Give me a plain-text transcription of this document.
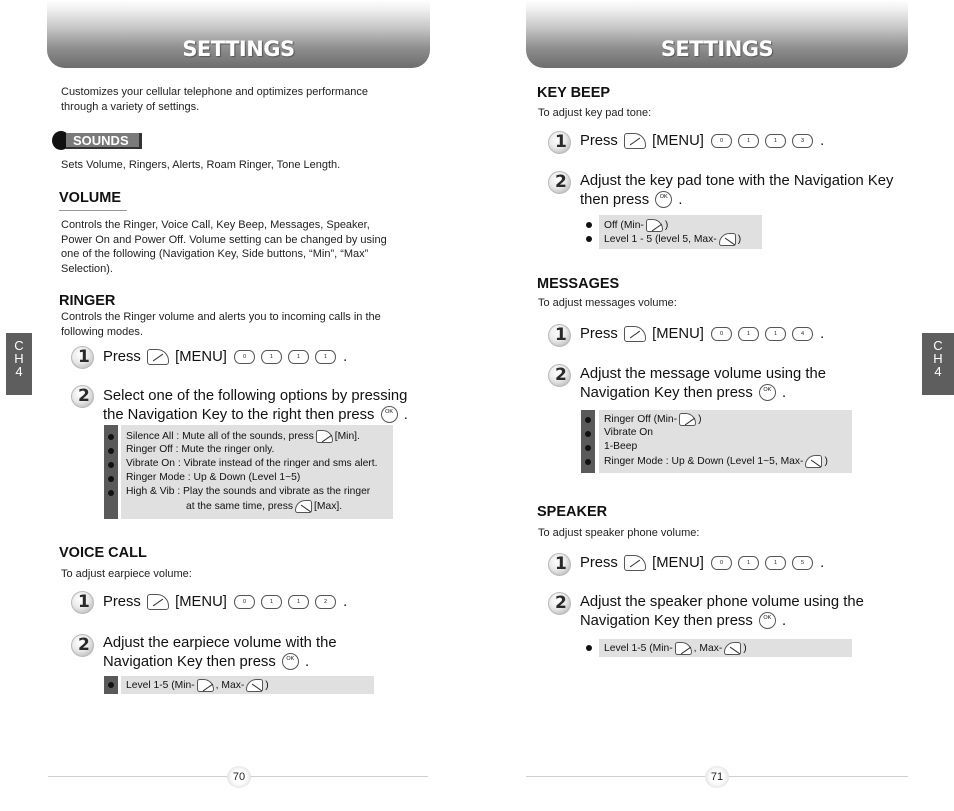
SETTINGS
Customizes your cellular telephone and optimizes performance
through a variety of settings.
SOUNDS
Sets Volume, Ringers, Alerts, Roam Ringer, Tone Length.
VOLUME
Controls the Ringer, Voice Call, Key Beep, Messages, Speaker,
Power On and Power Off. Volume setting can be changed by using
one of the following (Navigation Key, Side buttons, “Min”, “Max”
Selection).
RINGER
Controls the Ringer volume and alerts you to incoming calls in the
following modes.
1 Press [MENU]	0	1	1	1 .
2 Select one of the following options by pressing
the Navigation Key to the right then press OK .
Silence All : Mute all of the sounds, press [Min].
Ringer Off : Mute the ringer only.
Vibrate On : Vibrate instead of the ringer and sms alert.
Ringer Mode : Up & Down (Level 1~5)
High & Vib : Play the sounds and vibrate as the ringer
at the same time, press [Max].
VOICE CALL
To adjust earpiece volume:
1 Press [MENU]	0	1	1	2 .
2 Adjust the earpiece volume with the
Navigation Key then press OK .
Level 1-5 (Min- , Max- )
C
H
4
70
SETTINGS
KEY BEEP
To adjust key pad tone:
1 Press [MENU]	0	1	1	3 .
2 Adjust the key pad tone with the Navigation Key
then press OK .
Off (Min- )
Level 1 - 5 (level 5, Max- )
MESSAGES
To adjust messages volume:
1 Press [MENU]	0	1	1	4 .
2 Adjust the message volume using the
Navigation Key then press OK .
Ringer Off (Min- )
Vibrate On
1-Beep
Ringer Mode : Up & Down (Level 1~5, Max- )
SPEAKER
To adjust speaker phone volume:
1 Press [MENU]	0	1	1	5 .
2 Adjust the speaker phone volume using the
Navigation Key then press OK .
Level 1-5 (Min- , Max- )
C
H
4
71
